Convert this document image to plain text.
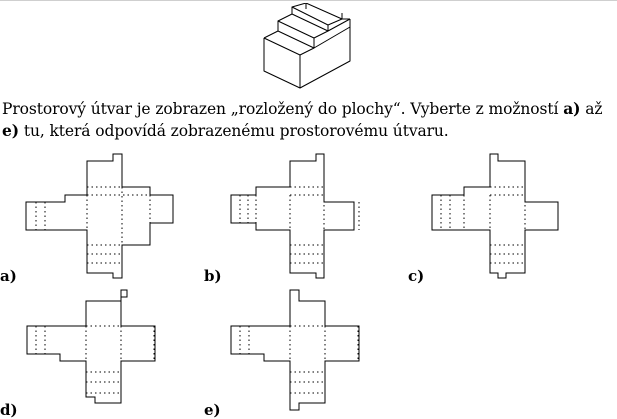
Prostorový útvar je zobrazen „rozložený do plochy“. Vyberte z možností a) až e) tu, která odpovídá zobrazenému prostorovému útvaru.
a)	b)	c)
d)	e)
